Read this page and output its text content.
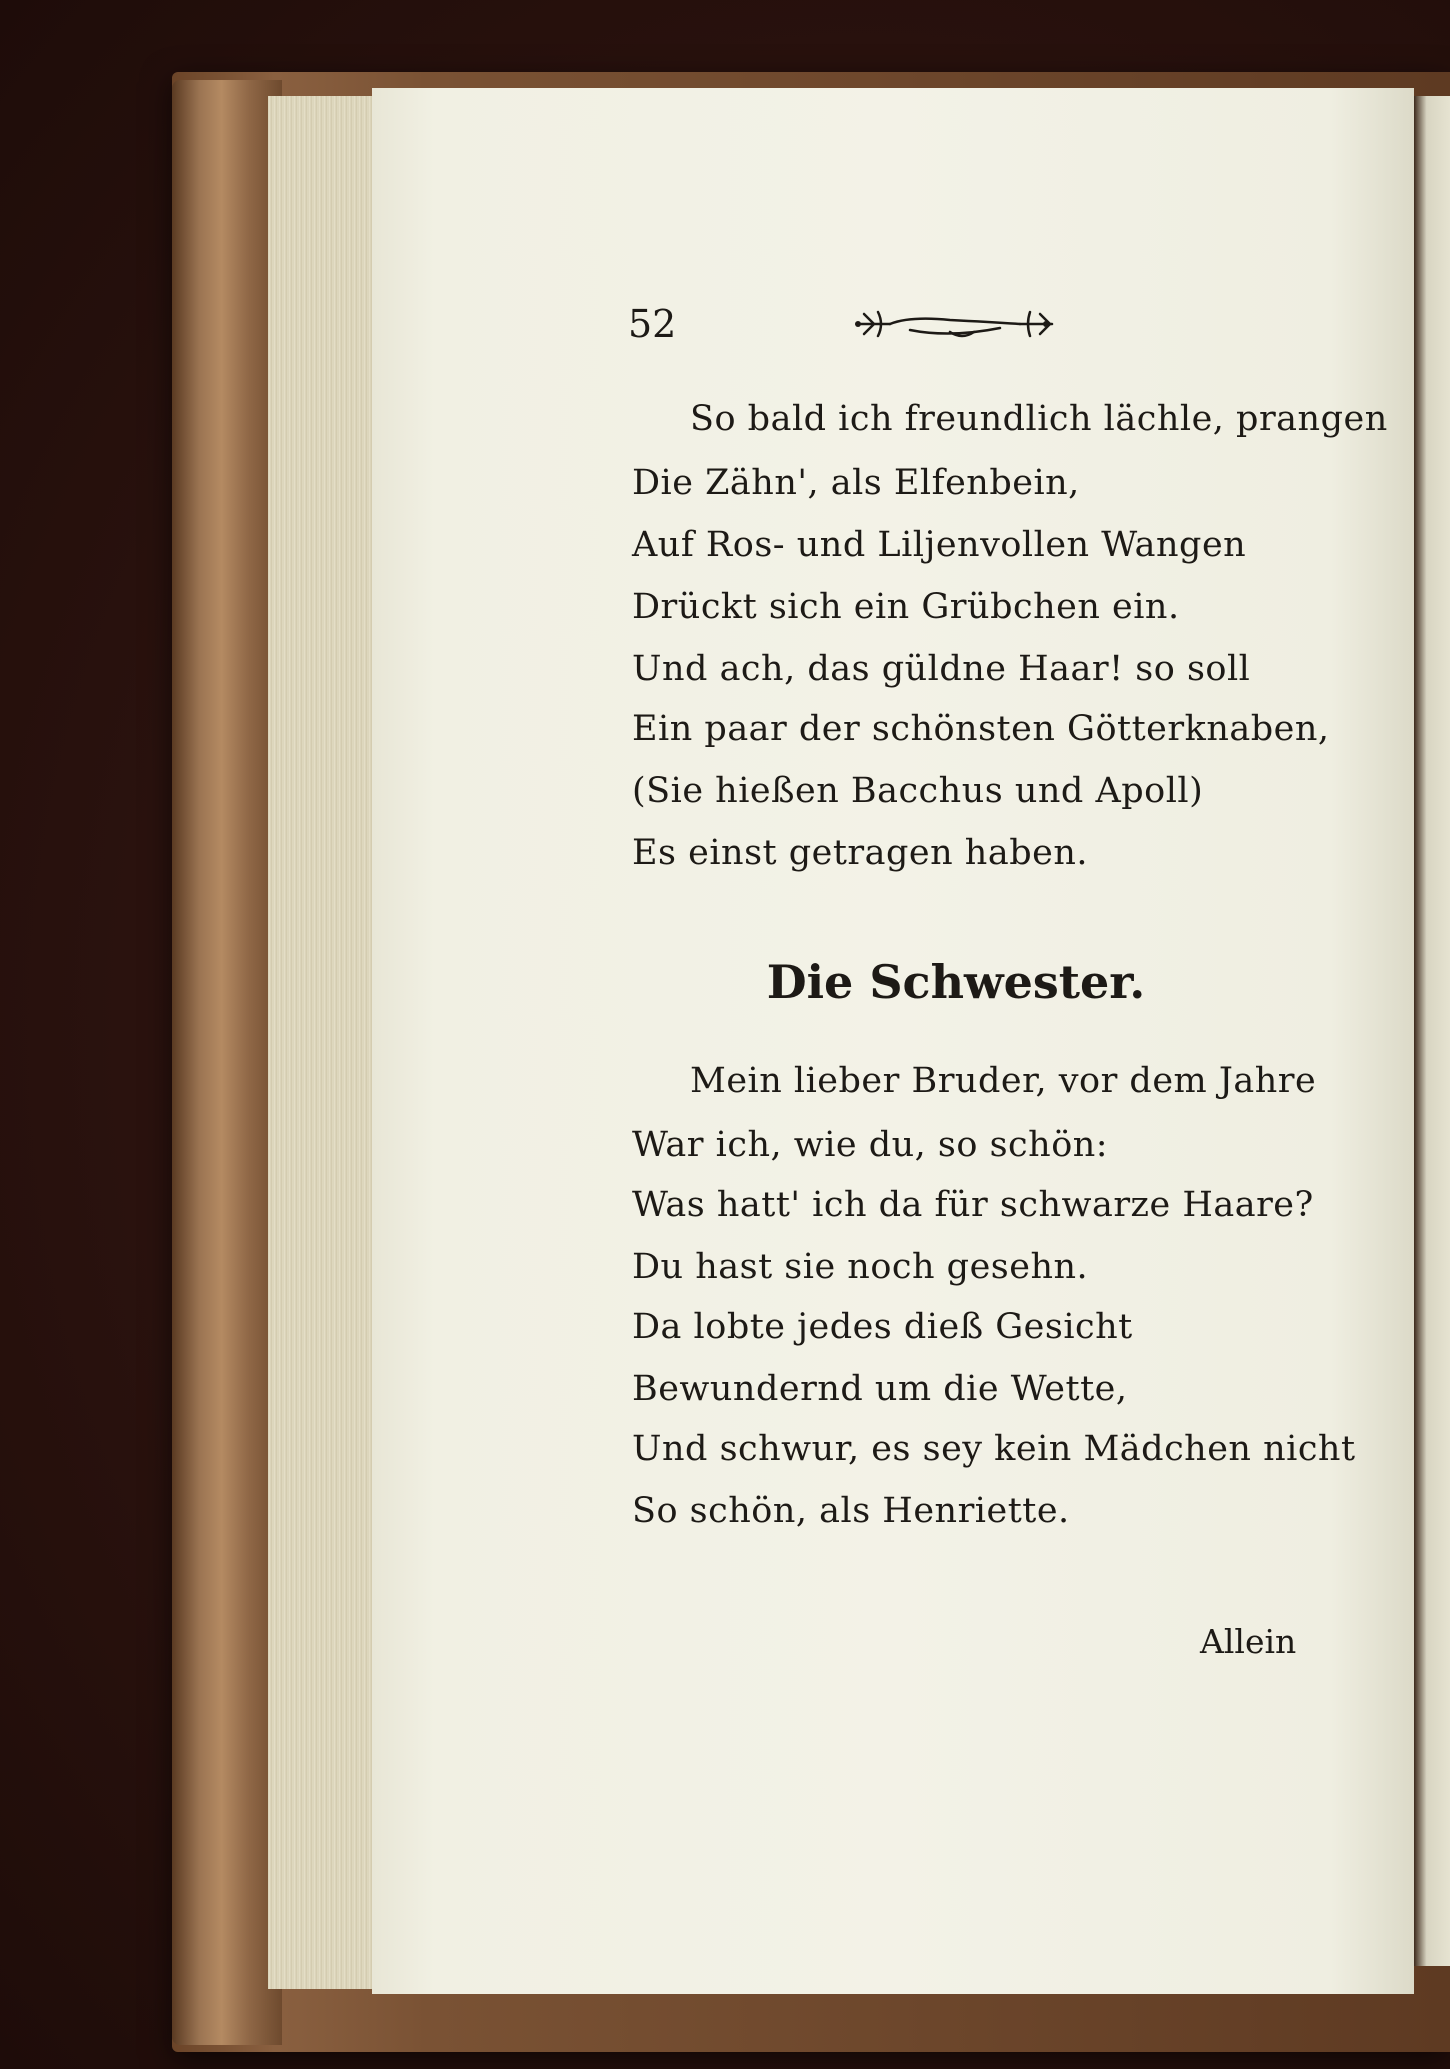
52
So bald ich freundlich lächle, prangen
Die Zähn', als Elfenbein,
Auf Ros- und Liljenvollen Wangen
Drückt sich ein Grübchen ein.
Und ach, das güldne Haar! so soll
Ein paar der schönsten Götterknaben,
(Sie hießen Bacchus und Apoll)
Es einst getragen haben.
Die Schwester.
Mein lieber Bruder, vor dem Jahre
War ich, wie du, so schön:
Was hatt' ich da für schwarze Haare?
Du hast sie noch gesehn.
Da lobte jedes dieß Gesicht
Bewundernd um die Wette,
Und schwur, es sey kein Mädchen nicht
So schön, als Henriette.
Allein
